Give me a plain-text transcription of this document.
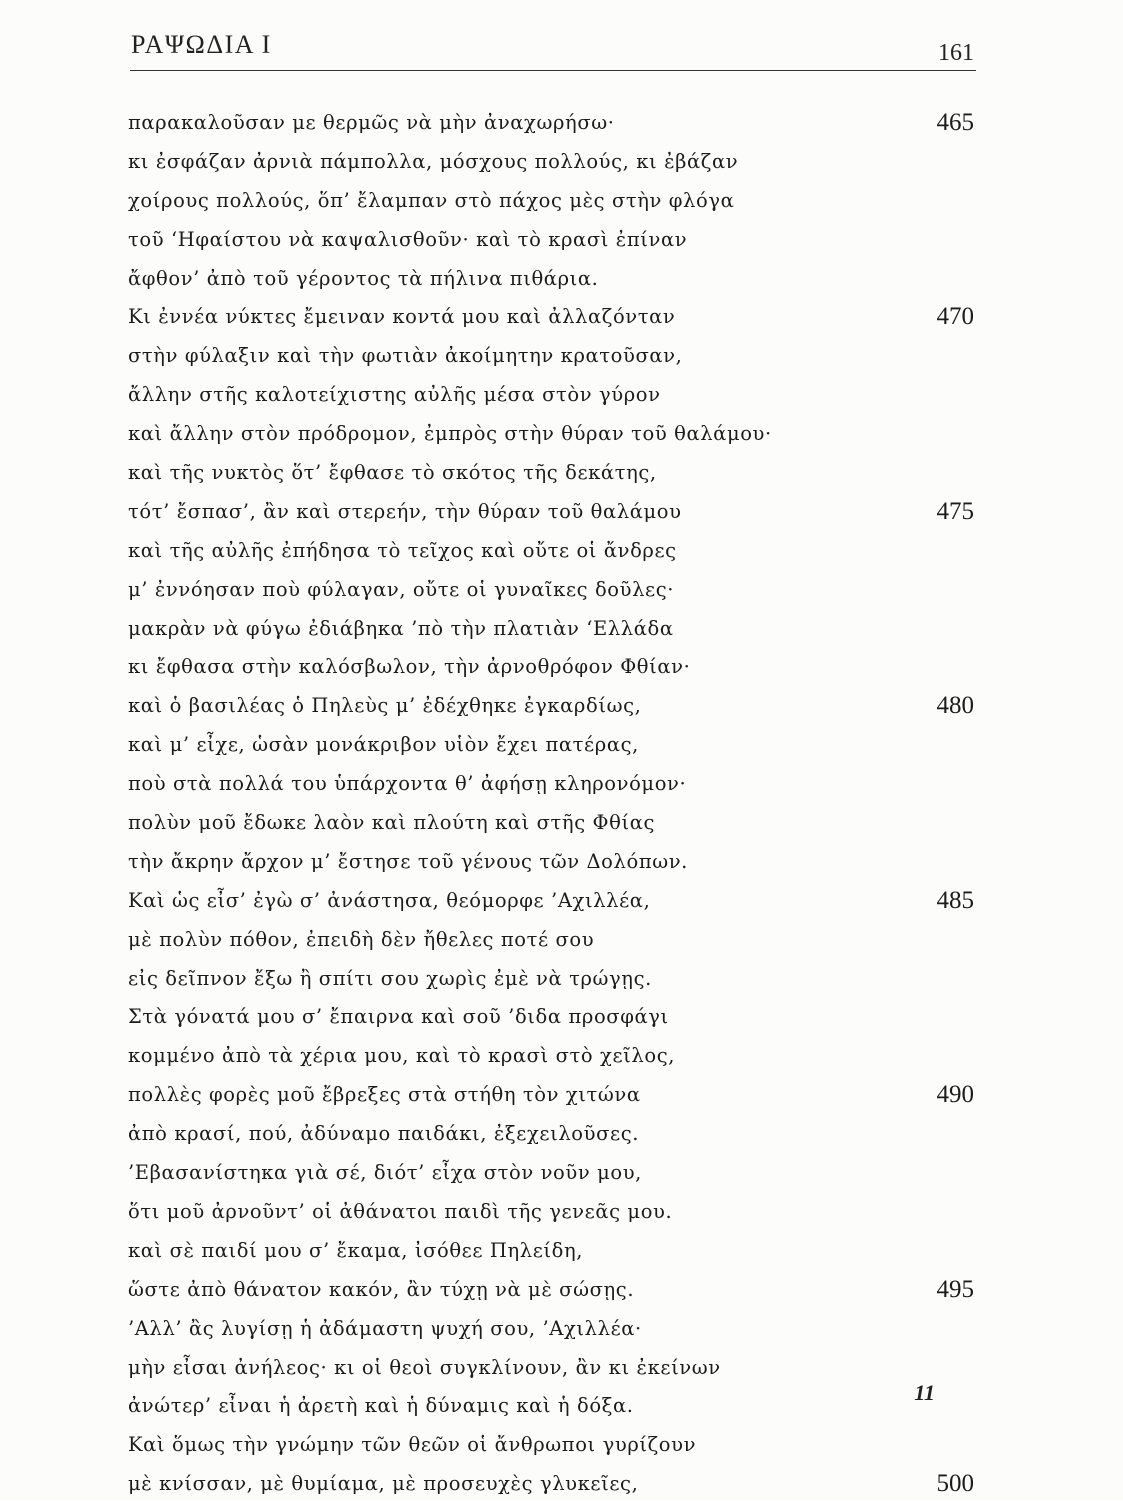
ΡΑΨΩΔΙΑ Ι	161
παρακαλοῦσαν με θερμῶς νὰ μὴν ἀναχωρήσω·	465
κι ἐσφάζαν ἀρνιὰ πάμπολλα, μόσχους πολλούς, κι ἐβάζαν
χοίρους πολλούς, ὅπ’ ἔλαμπαν στὸ πάχος μὲς στὴν φλόγα
τοῦ ‘Ηφαίστου νὰ καψαλισθοῦν· καὶ τὸ κρασὶ ἐπίναν
ἄφθον’ ἀπὸ τοῦ γέροντος τὰ πήλινα πιθάρια.
Κι ἐννέα νύκτες ἔμειναν κοντά μου καὶ ἀλλαζόνταν	470
στὴν φύλαξιν καὶ τὴν φωτιὰν ἀκοίμητην κρατοῦσαν,
ἄλλην στῆς καλοτείχιστης αὐλῆς μέσα στὸν γύρον
καὶ ἄλλην στὸν πρόδρομον, ἐμπρὸς στὴν θύραν τοῦ θαλάμου·
καὶ τῆς νυκτὸς ὅτ’ ἔφθασε τὸ σκότος τῆς δεκάτης,
τότ’ ἔσπασ’, ἂν καὶ στερεήν, τὴν θύραν τοῦ θαλάμου	475
καὶ τῆς αὐλῆς ἐπήδησα τὸ τεῖχος καὶ οὔτε οἱ ἄνδρες
μ’ ἐννόησαν ποὺ φύλαγαν, οὔτε οἱ γυναῖκες δοῦλες·
μακρὰν νὰ φύγω ἐδιάβηκα ’πὸ τὴν πλατιὰν ‘Ελλάδα
κι ἔφθασα στὴν καλόσβωλον, τὴν ἀρνοθρόφον Φθίαν·
καὶ ὁ βασιλέας ὁ Πηλεὺς μ’ ἐδέχθηκε ἐγκαρδίως,	480
καὶ μ’ εἶχε, ὡσὰν μονάκριβον υἱὸν ἔχει πατέρας,
ποὺ στὰ πολλά του ὑπάρχοντα θ’ ἀφήσῃ κληρονόμον·
πολὺν μοῦ ἔδωκε λαὸν καὶ πλούτη καὶ στῆς Φθίας
τὴν ἄκρην ἄρχον μ’ ἔστησε τοῦ γένους τῶν Δολόπων.
Καὶ ὡς εἶσ’ ἐγὼ σ’ ἀνάστησα, θεόμορφε ’Αχιλλέα,	485
μὲ πολὺν πόθον, ἐπειδὴ δὲν ἤθελες ποτέ σου
εἰς δεῖπνον ἔξω ἢ σπίτι σου χωρὶς ἐμὲ νὰ τρώγῃς.
Στὰ γόνατά μου σ’ ἔπαιρνα καὶ σοῦ ’διδα προσφάγι
κομμένο ἀπὸ τὰ χέρια μου, καὶ τὸ κρασὶ στὸ χεῖλος,
πολλὲς φορὲς μοῦ ἔβρεξες στὰ στήθη τὸν χιτώνα	490
ἀπὸ κρασί, πού, ἀδύναμο παιδάκι, ἐξεχειλοῦσες.
’Εβασανίστηκα γιὰ σέ, διότ’ εἶχα στὸν νοῦν μου,
ὅτι μοῦ ἀρνοῦντ’ οἱ ἀθάνατοι παιδὶ τῆς γενεᾶς μου.
καὶ σὲ παιδί μου σ’ ἔκαμα, ἰσόθεε Πηλείδη,
ὥστε ἀπὸ θάνατον κακόν, ἂν τύχῃ νὰ μὲ σώσῃς.	495
’Αλλ’ ἂς λυγίσῃ ἡ ἀδάμαστη ψυχή σου, ’Αχιλλέα·
μὴν εἶσαι ἀνήλεος· κι οἱ θεοὶ συγκλίνουν, ἂν κι ἐκείνων
ἀνώτερ’ εἶναι ἡ ἀρετὴ καὶ ἡ δύναμις καὶ ἡ δόξα.
Καὶ ὅμως τὴν γνώμην τῶν θεῶν οἱ ἄνθρωποι γυρίζουν
μὲ κνίσσαν, μὲ θυμίαμα, μὲ προσευχὲς γλυκεῖες,	500
11
